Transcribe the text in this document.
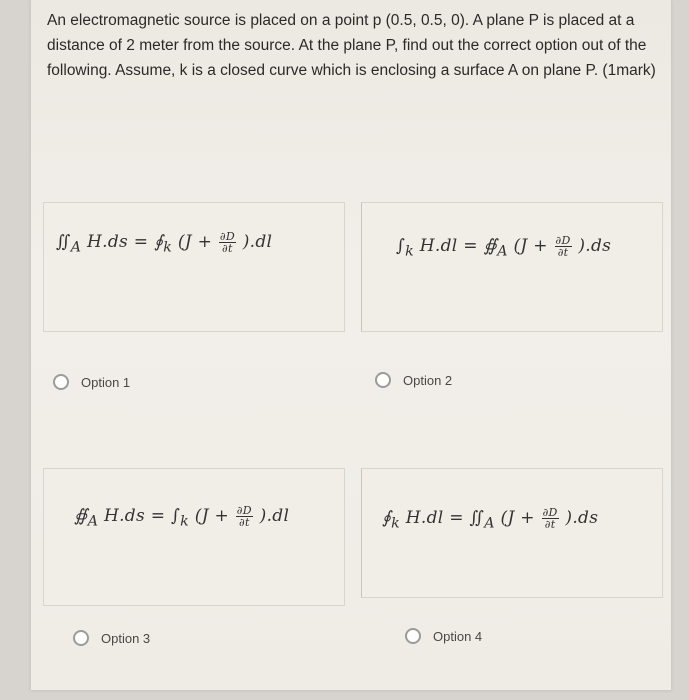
An electromagnetic source is placed on a point p (0.5, 0.5, 0). A plane P is placed at a distance of 2 meter from the source. At the plane P, find out the correct option out of the following. Assume, k is a closed curve which is enclosing a surface A on plane P. (1mark)

$∬_A$ $H.ds = ∮_k$ $(J + \frac{\partial D}{\partial t} ).dl$
Option 1
$\int_k$ $H.dl = ∯_A$ $(J + \frac{\partial D}{\partial t} ).ds$
Option 2
$∯_A$ $H.ds = \int_k$ $(J + \frac{\partial D}{\partial t} ).dl$
Option 3
$∮_k$ $H.dl = ∬_A$ $(J + \frac{\partial D}{\partial t} ).ds$
Option 4
